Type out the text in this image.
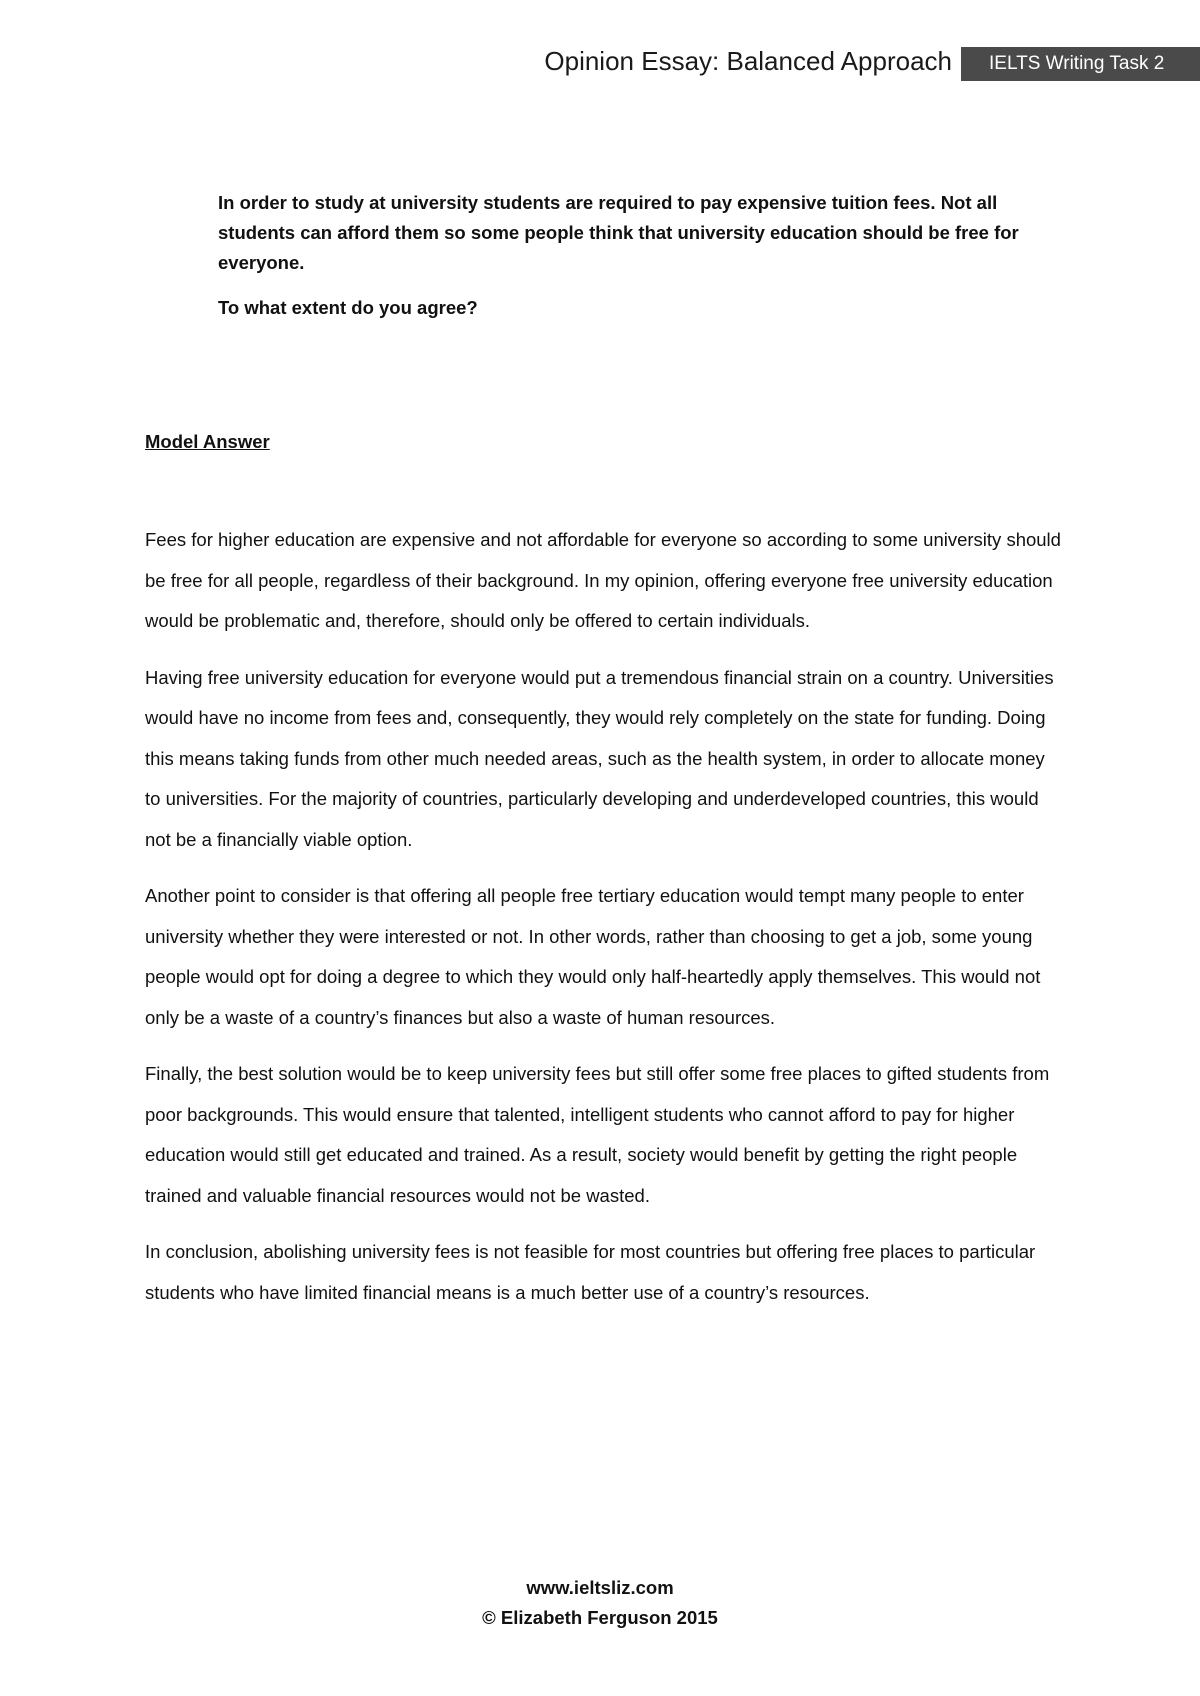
Opinion Essay: Balanced Approach	IELTS Writing Task 2

In order to study at university students are required to pay expensive tuition fees. Not all students can afford them so some people think that university education should be free for everyone.

To what extent do you agree?

Model Answer

Fees for higher education are expensive and not affordable for everyone so according to some university should be free for all people, regardless of their background. In my opinion, offering everyone free university education would be problematic and, therefore, should only be offered to certain individuals.

Having free university education for everyone would put a tremendous financial strain on a country. Universities would have no income from fees and, consequently, they would rely completely on the state for funding. Doing this means taking funds from other much needed areas, such as the health system, in order to allocate money to universities. For the majority of countries, particularly developing and underdeveloped countries, this would not be a financially viable option.

Another point to consider is that offering all people free tertiary education would tempt many people to enter university whether they were interested or not. In other words, rather than choosing to get a job, some young people would opt for doing a degree to which they would only half-heartedly apply themselves. This would not only be a waste of a country’s finances but also a waste of human resources.

Finally, the best solution would be to keep university fees but still offer some free places to gifted students from poor backgrounds. This would ensure that talented, intelligent students who cannot afford to pay for higher education would still get educated and trained. As a result, society would benefit by getting the right people trained and valuable financial resources would not be wasted.

In conclusion, abolishing university fees is not feasible for most countries but offering free places to particular students who have limited financial means is a much better use of a country’s resources.

www.ieltsliz.com
© Elizabeth Ferguson 2015
